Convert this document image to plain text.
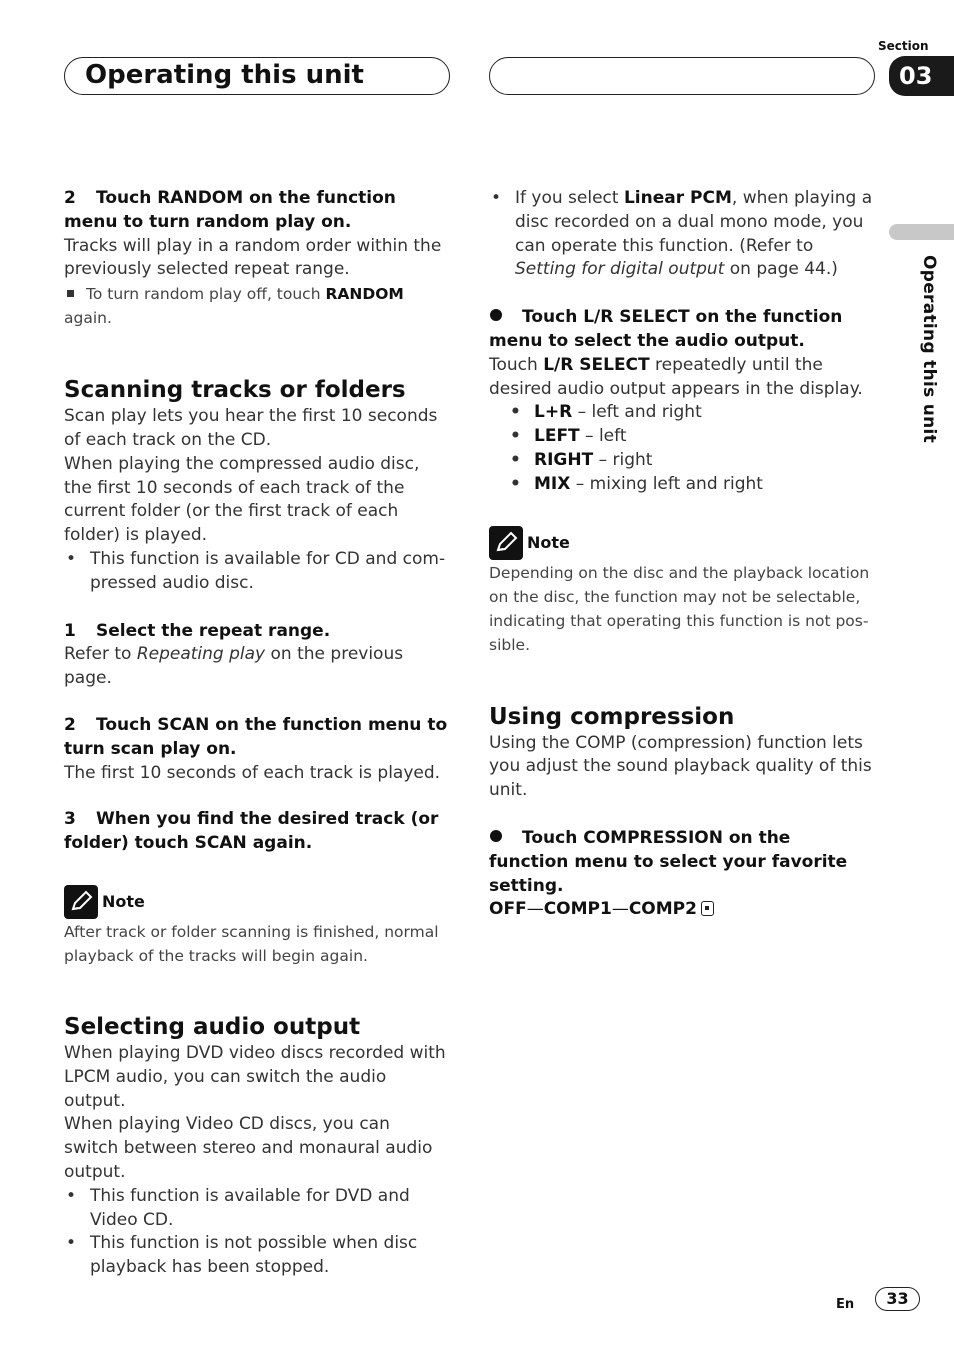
Operating this unit
Section
03
Operating this unit

2 Touch RANDOM on the function menu to turn random play on.

Tracks will play in a random order within the previously selected repeat range.

To turn random play off, touch RANDOM again.

Scanning tracks or folders

Scan play lets you hear the first 10 seconds of each track on the CD.

When playing the compressed audio disc, the first 10 seconds of each track of the current folder (or the first track of each folder) is played.

• This function is available for CD and com-pressed audio disc.

1 Select the repeat range.

Refer to Repeating play on the previous page.

2 Touch SCAN on the function menu to turn scan play on.

The first 10 seconds of each track is played.

3 When you find the desired track (or folder) touch SCAN again.

Note

After track or folder scanning is finished, normal playback of the tracks will begin again.

Selecting audio output

When playing DVD video discs recorded with LPCM audio, you can switch the audio output.

When playing Video CD discs, you can switch between stereo and monaural audio output.

• This function is available for DVD and Video CD.
• This function is not possible when disc playback has been stopped.
• If you select Linear PCM, when playing a disc recorded on a dual mono mode, you can operate this function. (Refer to Setting for digital output on page 44.)

Touch L/R SELECT on the function menu to select the audio output.

Touch L/R SELECT repeatedly until the desired audio output appears in the display.

• L+R – left and right
• LEFT – left
• RIGHT – right
• MIX – mixing left and right
Note

Depending on the disc and the playback location on the disc, the function may not be selectable, indicating that operating this function is not pos-sible.

Using compression

Using the COMP (compression) function lets you adjust the sound playback quality of this unit.

Touch COMPRESSION on the function menu to select your favorite setting.

OFF—COMP1—COMP2

En	33
